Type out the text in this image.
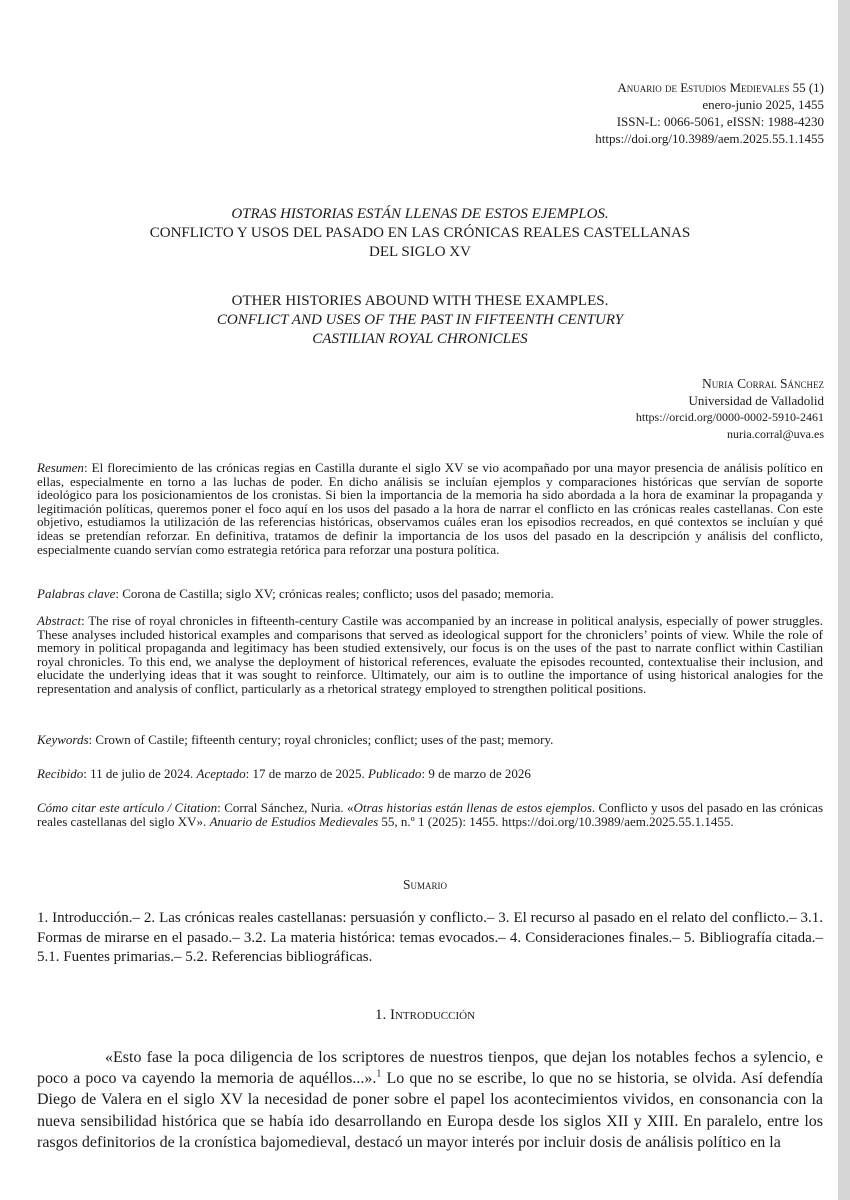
Anuario de Estudios Medievales 55 (1)
enero-junio 2025, 1455
ISSN-L: 0066-5061, eISSN: 1988-4230
https://doi.org/10.3989/aem.2025.55.1.1455
OTRAS HISTORIAS ESTÁN LLENAS DE ESTOS EJEMPLOS.
CONFLICTO Y USOS DEL PASADO EN LAS CRÓNICAS REALES CASTELLANAS
DEL SIGLO XV
OTHER HISTORIES ABOUND WITH THESE EXAMPLES.
CONFLICT AND USES OF THE PAST IN FIFTEENTH CENTURY
CASTILIAN ROYAL CHRONICLES
Nuria Corral Sánchez
Universidad de Valladolid
https://orcid.org/0000-0002-5910-2461
nuria.corral@uva.es
Resumen: El florecimiento de las crónicas regias en Castilla durante el siglo XV se vio acompañado por una mayor presencia de análisis político en ellas, especialmente en torno a las luchas de poder. En dicho análisis se incluían ejemplos y comparaciones históricas que servían de soporte ideológico para los posicionamientos de los cronistas. Si bien la importancia de la memoria ha sido abordada a la hora de examinar la propaganda y legitimación políticas, queremos poner el foco aquí en los usos del pasado a la hora de narrar el conflicto en las crónicas reales castellanas. Con este objetivo, estudiamos la utilización de las referencias históricas, observamos cuáles eran los episodios recreados, en qué contextos se incluían y qué ideas se pretendían reforzar. En definitiva, tratamos de definir la importancia de los usos del pasado en la descripción y análisis del conflicto, especialmente cuando servían como estrategia retórica para reforzar una postura política.
Palabras clave: Corona de Castilla; siglo XV; crónicas reales; conflicto; usos del pasado; memoria.
Abstract: The rise of royal chronicles in fifteenth-century Castile was accompanied by an increase in political analysis, especially of power struggles. These analyses included historical examples and comparisons that served as ideological support for the chroniclers’ points of view. While the role of memory in political propaganda and legitimacy has been studied extensively, our focus is on the uses of the past to narrate conflict within Castilian royal chronicles. To this end, we analyse the deployment of historical references, evaluate the episodes recounted, contextualise their inclusion, and elucidate the underlying ideas that it was sought to reinforce. Ultimately, our aim is to outline the importance of using historical analogies for the representation and analysis of conflict, particularly as a rhetorical strategy employed to strengthen political positions.
Keywords: Crown of Castile; fifteenth century; royal chronicles; conflict; uses of the past; memory.
Recibido: 11 de julio de 2024. Aceptado: 17 de marzo de 2025. Publicado: 9 de marzo de 2026
Cómo citar este artículo / Citation: Corral Sánchez, Nuria. «Otras historias están llenas de estos ejemplos. Conflicto y usos del pasado en las crónicas reales castellanas del siglo XV». Anuario de Estudios Medievales 55, n.º 1 (2025): 1455. https://doi.org/10.3989/aem.2025.55.1.1455.
Sumario
1. Introducción.– 2. Las crónicas reales castellanas: persuasión y conflicto.– 3. El recurso al pasado en el relato del conflicto.– 3.1. Formas de mirarse en el pasado.– 3.2. La materia histórica: temas evocados.– 4. Consideraciones finales.– 5. Bibliografía citada.– 5.1. Fuentes primarias.– 5.2. Referencias bibliográficas.
1. Introducción
«Esto fase la poca diligencia de los scriptores de nuestros tienpos, que dejan los notables fechos a sylencio, e poco a poco va cayendo la memoria de aquéllos...».$^1$ Lo que no se escribe, lo que no se historia, se olvida. Así defendía Diego de Valera en el siglo XV la necesidad de poner sobre el papel los acontecimientos vividos, en consonancia con la nueva sensibilidad histórica que se había ido desarrollando en Europa desde los siglos XII y XIII. En paralelo, entre los rasgos definitorios de la cronística bajomedieval, destacó un mayor interés por incluir dosis de análisis político en la
